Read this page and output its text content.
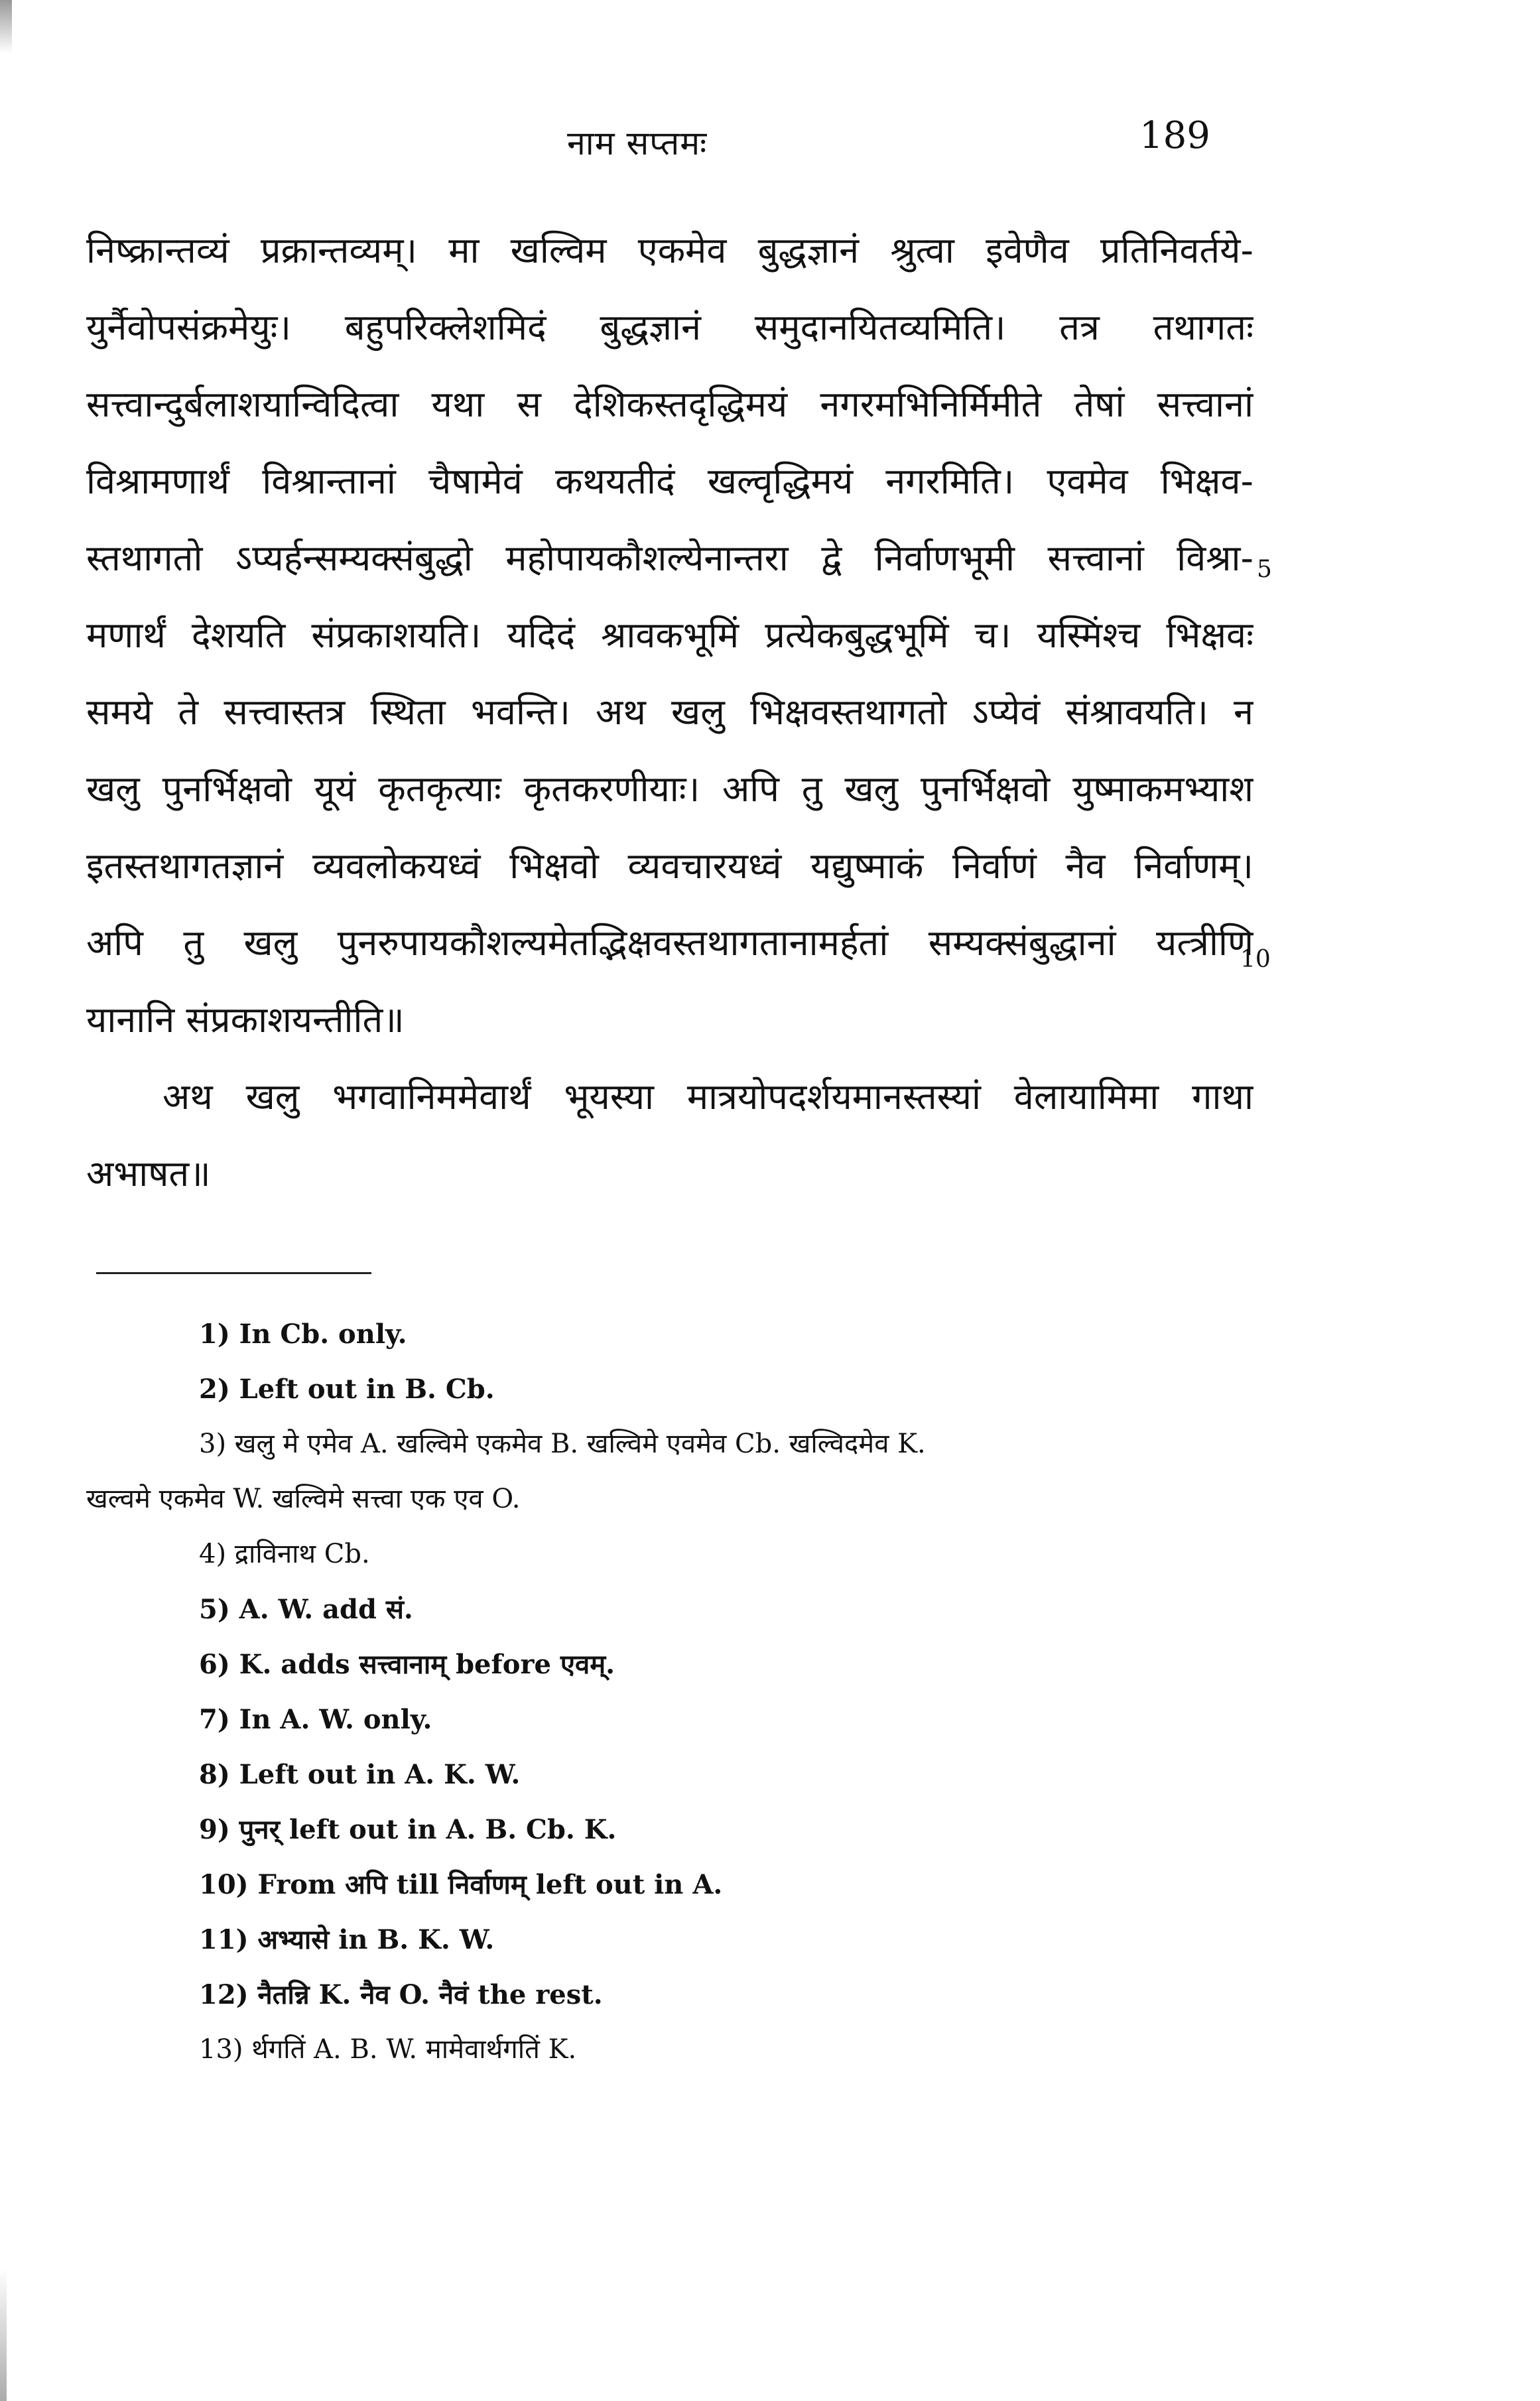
नाम सप्तमः	189
निष्क्रान्तव्यं प्रक्रान्तव्यम्। मा खल्विम एकमेव बुद्धज्ञानं श्रुत्वा इवेणैव प्रतिनिवर्तये-
युर्नैवोपसंक्रमेयुः। बहुपरिक्लेशमिदं बुद्धज्ञानं समुदानयितव्यमिति। तत्र तथागतः
सत्त्वान्दुर्बलाशयान्विदित्वा यथा स देशिकस्तदृद्धिमयं नगरमभिनिर्मिमीते तेषां सत्त्वानां
विश्रामणार्थं विश्रान्तानां चैषामेवं कथयतीदं खल्वृद्धिमयं नगरमिति। एवमेव भिक्षव-
स्तथागतो ऽप्यर्हन्सम्यक्संबुद्धो महोपायकौशल्येनान्तरा द्वे निर्वाणभूमी सत्त्वानां विश्रा-
मणार्थं देशयति संप्रकाशयति। यदिदं श्रावकभूमिं प्रत्येकबुद्धभूमिं च। यस्मिंश्च भिक्षवः
समये ते सत्त्वास्तत्र स्थिता भवन्ति। अथ खलु भिक्षवस्तथागतो ऽप्येवं संश्रावयति। न
खलु पुनर्भिक्षवो यूयं कृतकृत्याः कृतकरणीयाः। अपि तु खलु पुनर्भिक्षवो युष्माकमभ्याश
इतस्तथागतज्ञानं व्यवलोकयध्वं भिक्षवो व्यवचारयध्वं यद्युष्माकं निर्वाणं नैव निर्वाणम्।
अपि तु खलु पुनरुपायकौशल्यमेतद्भिक्षवस्तथागतानामर्हतां सम्यक्संबुद्धानां यत्त्रीणि
यानानि संप्रकाशयन्तीति॥
अथ खलु भगवानिममेवार्थं भूयस्या मात्रयोपदर्शयमानस्तस्यां वेलायामिमा गाथा
अभाषत॥
5
10
1) In Cb. only.
2) Left out in B. Cb.
3) खलु मे एमेव A. खल्विमे एकमेव B. खल्विमे एवमेव Cb. खल्विदमेव K.
खल्वमे एकमेव W. खल्विमे सत्त्वा एक एव O.
4) द्राविनाथ Cb.
5) A. W. add सं.
6) K. adds सत्त्वानाम् before एवम्.
7) In A. W. only.
8) Left out in A. K. W.
9) पुनर् left out in A. B. Cb. K.
10) From अपि till निर्वाणम् left out in A.
11) अभ्यासे in B. K. W.
12) नैतन्नि K. नैव O. नैवं the rest.
13) र्थगतिं A. B. W. मामेवार्थगतिं K.
